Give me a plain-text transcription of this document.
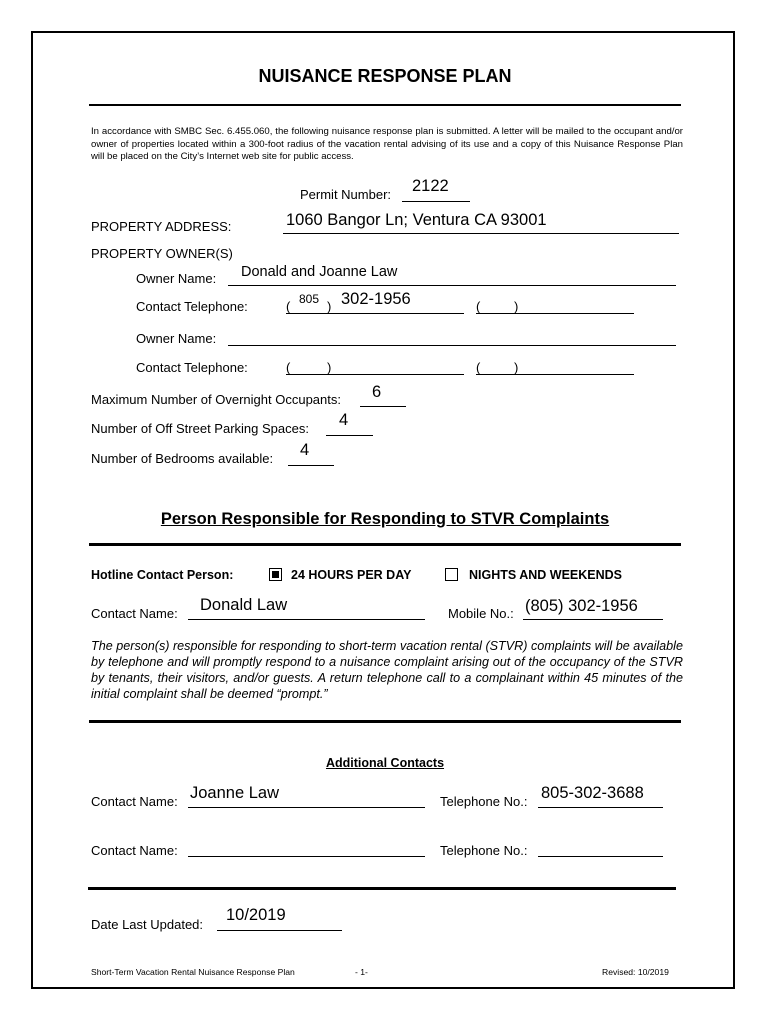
NUISANCE RESPONSE PLAN
In accordance with SMBC Sec. 6.455.060, the following nuisance response plan is submitted. A letter will be mailed to the occupant and/or owner of properties located within a 300-foot radius of the vacation rental advising of its use and a copy of this Nuisance Response Plan will be placed on the City’s Internet web site for public access.
Permit Number: 2122
PROPERTY ADDRESS:	1060 Bangor Ln; Ventura CA 93001
PROPERTY OWNER(S)
Owner Name: Donald and Joanne Law
Contact Telephone:	( 805 ) 302-1956	(	)
Owner Name:
Contact Telephone:	(	)	(	)
Maximum Number of Overnight Occupants: 6
Number of Off Street Parking Spaces: 4
Number of Bedrooms available: 4
Person Responsible for Responding to STVR Complaints
Hotline Contact Person:	24 HOURS PER DAY	NIGHTS AND WEEKENDS
Contact Name: Donald Law	Mobile No.: (805) 302-1956
The person(s) responsible for responding to short-term vacation rental (STVR) complaints will be available by telephone and will promptly respond to a nuisance complaint arising out of the occupancy of the STVR by tenants, their visitors, and/or guests. A return telephone call to a complainant within 45 minutes of the initial complaint shall be deemed “prompt.”
Additional Contacts
Contact Name: Joanne Law	Telephone No.: 805-302-3688
Contact Name:	Telephone No.:
Date Last Updated:
10/2019
Short-Term Vacation Rental Nuisance Response Plan	- 1-	Revised: 10/2019
